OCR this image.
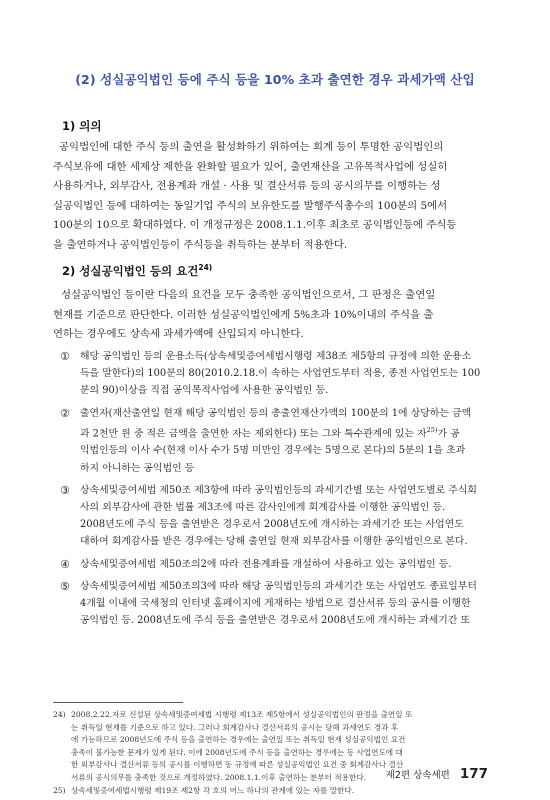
(2) 성실공익법인 등에 주식 등을 10% 초과 출연한 경우 과세가액 산입
1) 의의
공익법인에 대한 주식 등의 출연을 활성화하기 위하여는 회계 등이 투명한 공익법인의
주식보유에 대한 세제상 제한을 완화할 필요가 있어, 출연재산을 고유목적사업에 성실히
사용하거나, 외부감사, 전용계좌 개설 · 사용 및 결산서류 등의 공시의무를 이행하는 성
실공익법인 등에 대하여는 동일기업 주식의 보유한도를 발행주식총수의 100분의 5에서
100분의 10으로 확대하였다. 이 개정규정은 2008.1.1.이후 최초로 공익법인등에 주식등
을 출연하거나 공익법인등이 주식등을 취득하는 분부터 적용한다.
2) 성실공익법인 등의 요건$^{24)}$
성실공익법인 등이란 다음의 요건을 모두 충족한 공익법인으로서, 그 판정은 출연일
현재를 기준으로 판단한다. 이러한 성실공익법인에게 5%초과 10%이내의 주식을 출
연하는 경우에도 상속세 과세가액에 산입되지 아니한다.
①	해당 공익법인 등의 운용소득(상속세및증여세법시행령 제38조 제5항의 규정에 의한 운용소
득을 말한다)의 100분의 80(2010.2.18.이 속하는 사업연도부터 적용, 종전 사업연도는 100
분의 90)이상을 직접 공익목적사업에 사용한 공익법인 등.
②	출연자(재산출연일 현재 해당 공익법인 등의 총출연재산가액의 100분의 1에 상당하는 금액
과 2천만 원 중 적은 금액을 출연한 자는 제외한다) 또는 그와 특수관계에 있는 자$^{25)}$가 공
익법인등의 이사 수(현재 이사 수가 5명 미만인 경우에는 5명으로 본다)의 5분의 1을 초과
하지 아니하는 공익법인 등
③	상속세및증여세법 제50조 제3항에 따라 공익법인등의 과세기간별 또는 사업연도별로 주식회
사의 외부감사에 관한 법률 제3조에 따른 감사인에게 회계감사를 이행한 공익법인 등.
2008년도에 주식 등을 출연받은 경우로서 2008년도에 개시하는 과세기간 또는 사업연도
대하여 회계감사를 받은 경우에는 당해 출연일 현재 외부감사를 이행한 공익법인으로 본다.
④	상속세및증여세법 제50조의2에 따라 전용계좌를 개설하여 사용하고 있는 공익법인 등.
⑤	상속세및증여세법 제50조의3에 따라 해당 공익법인등의 과세기간 또는 사업연도 종료일부터
4개월 이내에 국세청의 인터넷 홈페이지에 게재하는 방법으로 결산서류 등의 공시를 이행한
공익법인 등. 2008년도에 주식 등을 출연받은 경우로서 2008년도에 개시하는 과세기간 또
24) 2008.2.22.자로 신설된 상속세및증여세법 시행령 제13조 제5항에서 성실공익법인의 판정을 출연일 또
는 취득일 현재를 기준으로 하고 있다. 그러나 회계감사나 결산서류의 공시는 당해 과세연도 경과 후
에 가능하므로 2008년도에 주식 등을 출연하는 경우에는 출연일 또는 취득일 현재 성실공익법인 요건
충족이 불가능한 문제가 있게 된다. 이에 2008년도에 주식 등을 출연하는 경우에는 동 사업연도에 대
한 외부감사나 결산서류 등의 공시를 이행하면 동 규정에 따른 성실공익법인 요건 중 회계감사나 결산
서류의 공시의무를 충족한 것으로 개정하였다. 2008.1.1.이후 출연하는 분부터 적용한다.
25) 상속세및증여세법시행령 제19조 제2항 각 호의 어느 하나의 관계에 있는 자를 말한다.
제2편 상속세편 177
